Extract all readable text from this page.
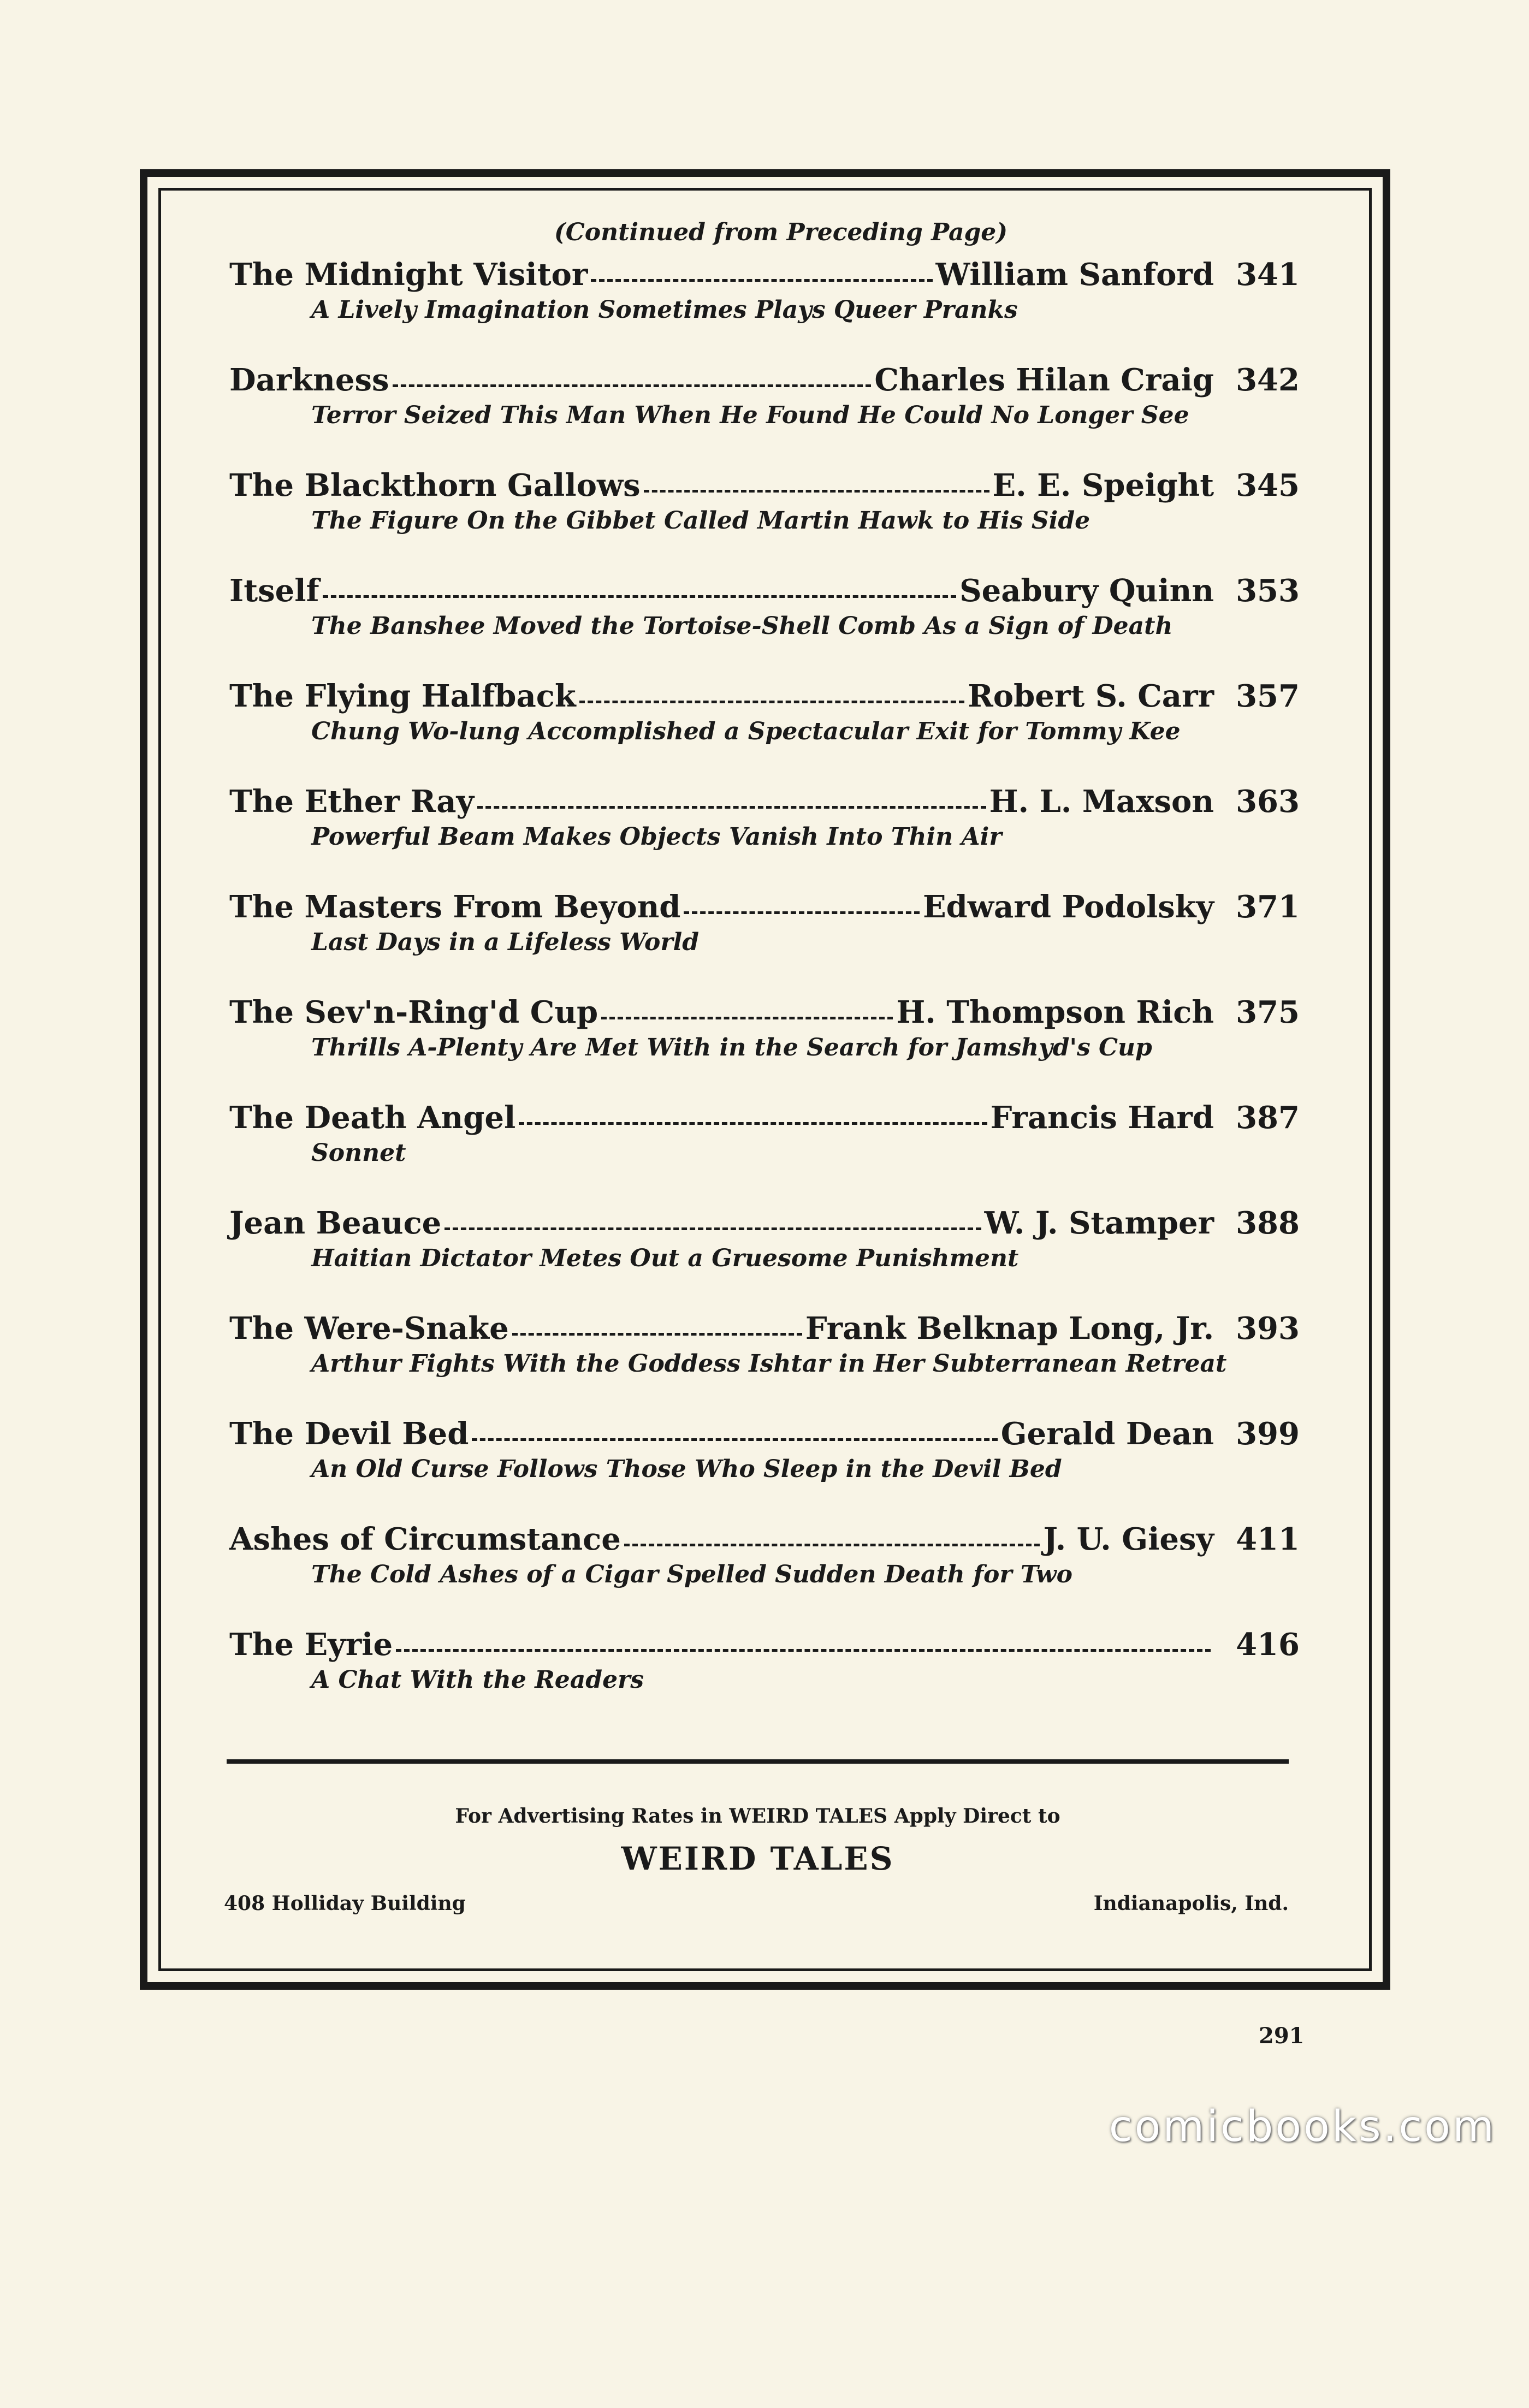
(Continued from Preceding Page)
The Midnight Visitor	William Sanford 341
A Lively Imagination Sometimes Plays Queer Pranks
Darkness	Charles Hilan Craig 342
Terror Seized This Man When He Found He Could No Longer See
The Blackthorn Gallows	E. E. Speight 345
The Figure On the Gibbet Called Martin Hawk to His Side
Itself	Seabury Quinn 353
The Banshee Moved the Tortoise-Shell Comb As a Sign of Death
The Flying Halfback	Robert S. Carr 357
Chung Wo-lung Accomplished a Spectacular Exit for Tommy Kee
The Ether Ray	H. L. Maxson 363
Powerful Beam Makes Objects Vanish Into Thin Air
The Masters From Beyond	Edward Podolsky 371
Last Days in a Lifeless World
The Sev'n-Ring'd Cup	H. Thompson Rich 375
Thrills A-Plenty Are Met With in the Search for Jamshyd's Cup
The Death Angel	Francis Hard 387
Sonnet
Jean Beauce	W. J. Stamper 388
Haitian Dictator Metes Out a Gruesome Punishment
The Were-Snake	Frank Belknap Long, Jr. 393
Arthur Fights With the Goddess Ishtar in Her Subterranean Retreat
The Devil Bed	Gerald Dean 399
An Old Curse Follows Those Who Sleep in the Devil Bed
Ashes of Circumstance	J. U. Giesy 411
The Cold Ashes of a Cigar Spelled Sudden Death for Two
The Eyrie	416
A Chat With the Readers
For Advertising Rates in WEIRD TALES Apply Direct to
WEIRD TALES
408 Holliday Building	Indianapolis, Ind.
291
comicbooks.com
